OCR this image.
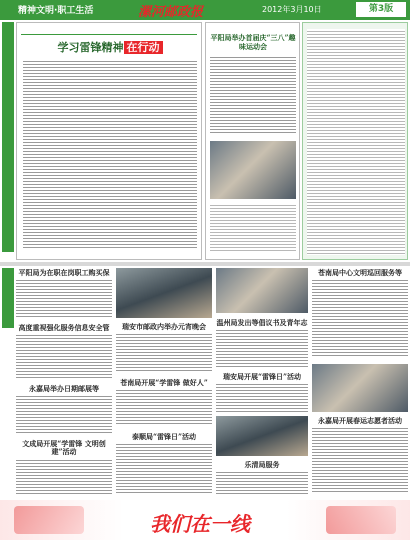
精神文明·职工生活	漯河邮政报	2012年3月10日	第3版
学习雷锋精神 在行动
平阳局举办首届庆“三八”趣味运动会
平阳局为在职在岗职工购买保
高度重视强化服务信息安全管
永嘉局举办日期邮展等
文成局开展“学雷锋 文明创建”活动
瑞安市邮政内举办元宵晚会
苍南局开展“学雷锋 做好人”
泰顺局“雷锋日”活动
温州局发出等倡议书及青年志
瑞安局开展“雷锋日”活动
乐清局服务
苍南局中心文明巡回服务等
永嘉局开展春运志愿者活动
我们在一线
